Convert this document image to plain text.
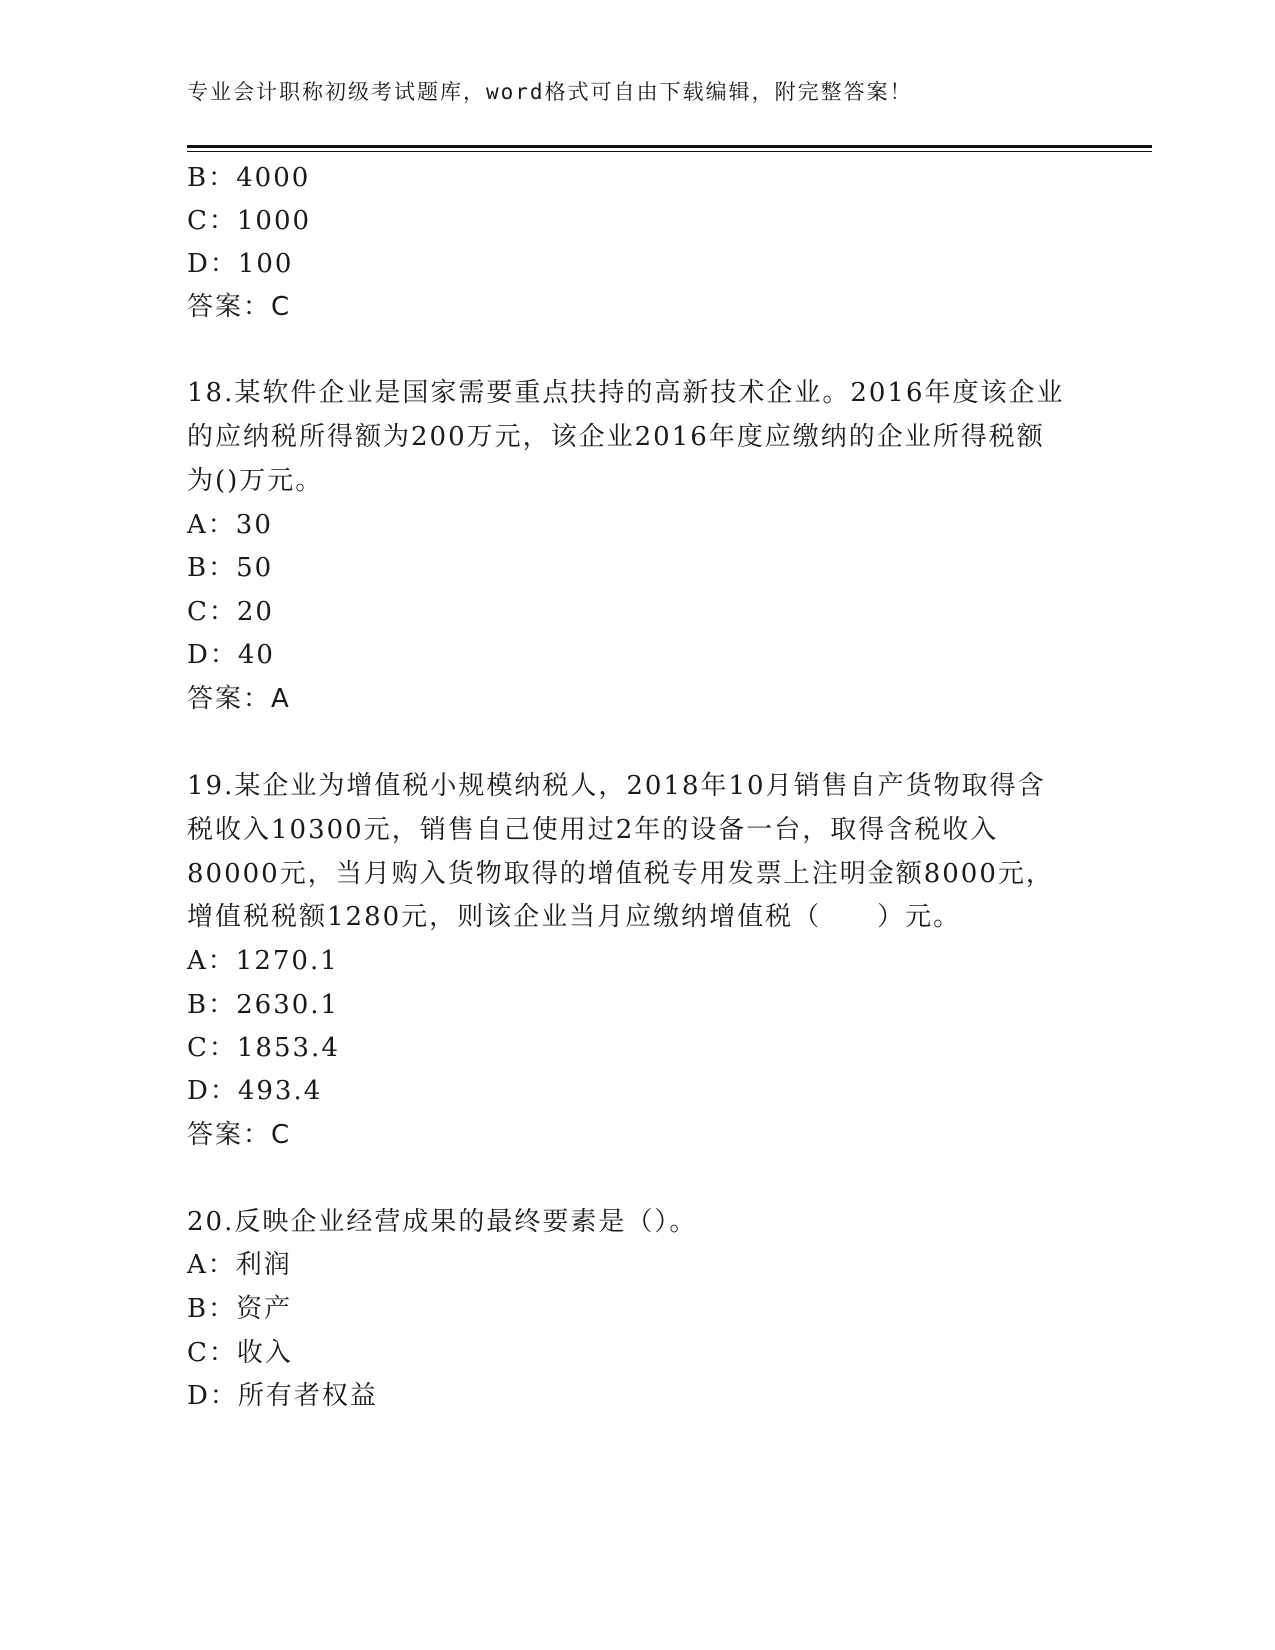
专业会计职称初级考试题库，word格式可自由下载编辑，附完整答案！
B：4000
C：1000
D：100
答案：C
18.某软件企业是国家需要重点扶持的高新技术企业。2016年度该企业
的应纳税所得额为200万元，该企业2016年度应缴纳的企业所得税额
为()万元。
A：30
B：50
C：20
D：40
答案：A
19.某企业为增值税小规模纳税人，2018年10月销售自产货物取得含
税收入10300元，销售自己使用过2年的设备一台，取得含税收入
80000元，当月购入货物取得的增值税专用发票上注明金额8000元，
增值税税额1280元，则该企业当月应缴纳增值税（　　）元。
A：1270.1
B：2630.1
C：1853.4
D：493.4
答案：C
20.反映企业经营成果的最终要素是（）。
A：利润
B：资产
C：收入
D：所有者权益
